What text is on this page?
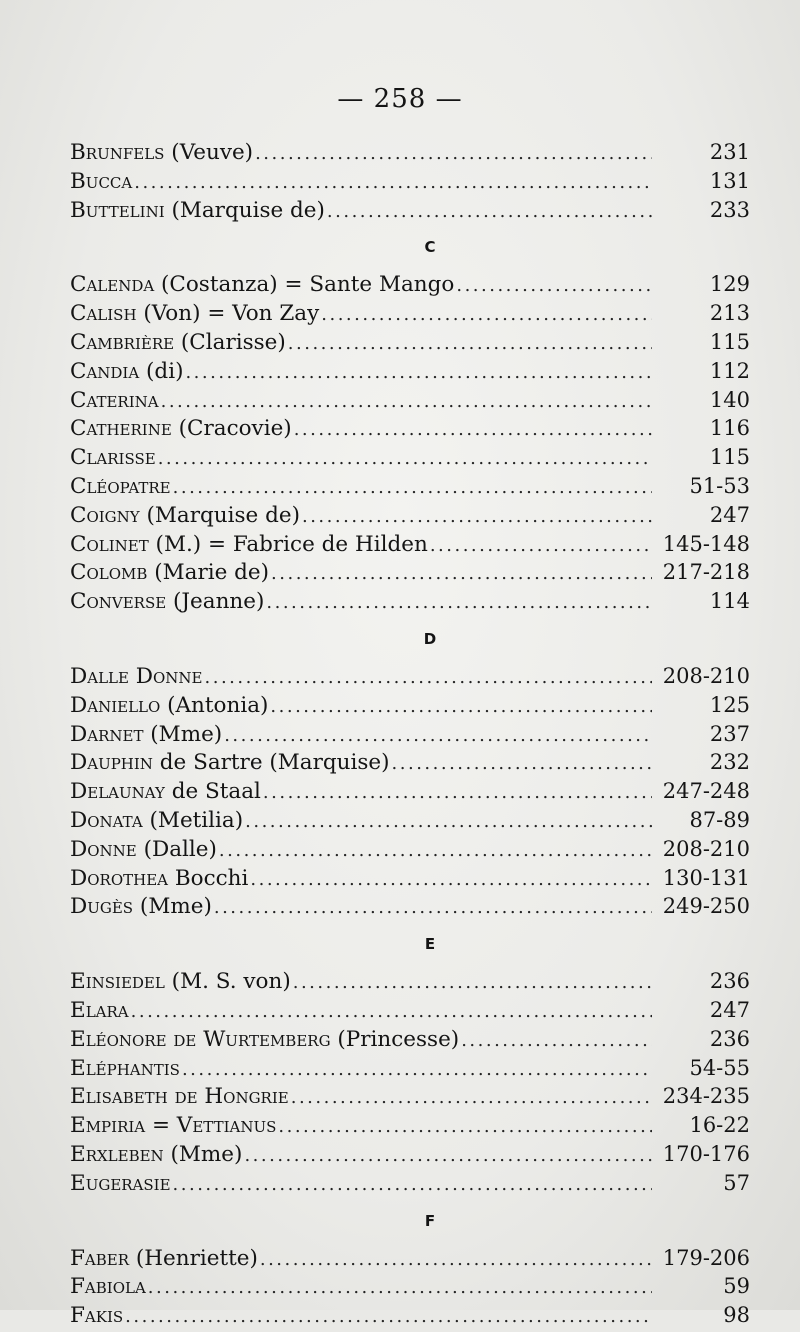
— 258 —
Brunfels (Veuve) .....	231
Bucca .....	131
Buttelini (Marquise de) .....	233
C
Calenda (Costanza) = Sante Mango .....	129
Calish (Von) = Von Zay .....	213
Cambrière (Clarisse) .....	115
Candia (di) .....	112
Caterina .....	140
Catherine (Cracovie) .....	116
Clarisse .....	115
Cléopatre .....	51-53
Coigny (Marquise de) .....	247
Colinet (M.) = Fabrice de Hilden .....	145-148
Colomb (Marie de) .....	217-218
Converse (Jeanne) .....	114
D
Dalle Donne .....	208-210
Daniello (Antonia) .....	125
Darnet (Mme) .....	237
Dauphin de Sartre (Marquise) .....	232
Delaunay de Staal .....	247-248
Donata (Metilia) .....	87-89
Donne (Dalle) .....	208-210
Dorothea Bocchi .....	130-131
Dugès (Mme) .....	249-250
E
Einsiedel (M. S. von) .....	236
Elara .....	247
Eléonore de Wurtemberg (Princesse) .....	236
Eléphantis .....	54-55
Elisabeth de Hongrie .....	234-235
Empiria = Vettianus .....	16-22
Erxleben (Mme) .....	170-176
Eugerasie .....	57
F
Faber (Henriette) .....	179-206
Fabiola .....	59
Fakis .....	98
